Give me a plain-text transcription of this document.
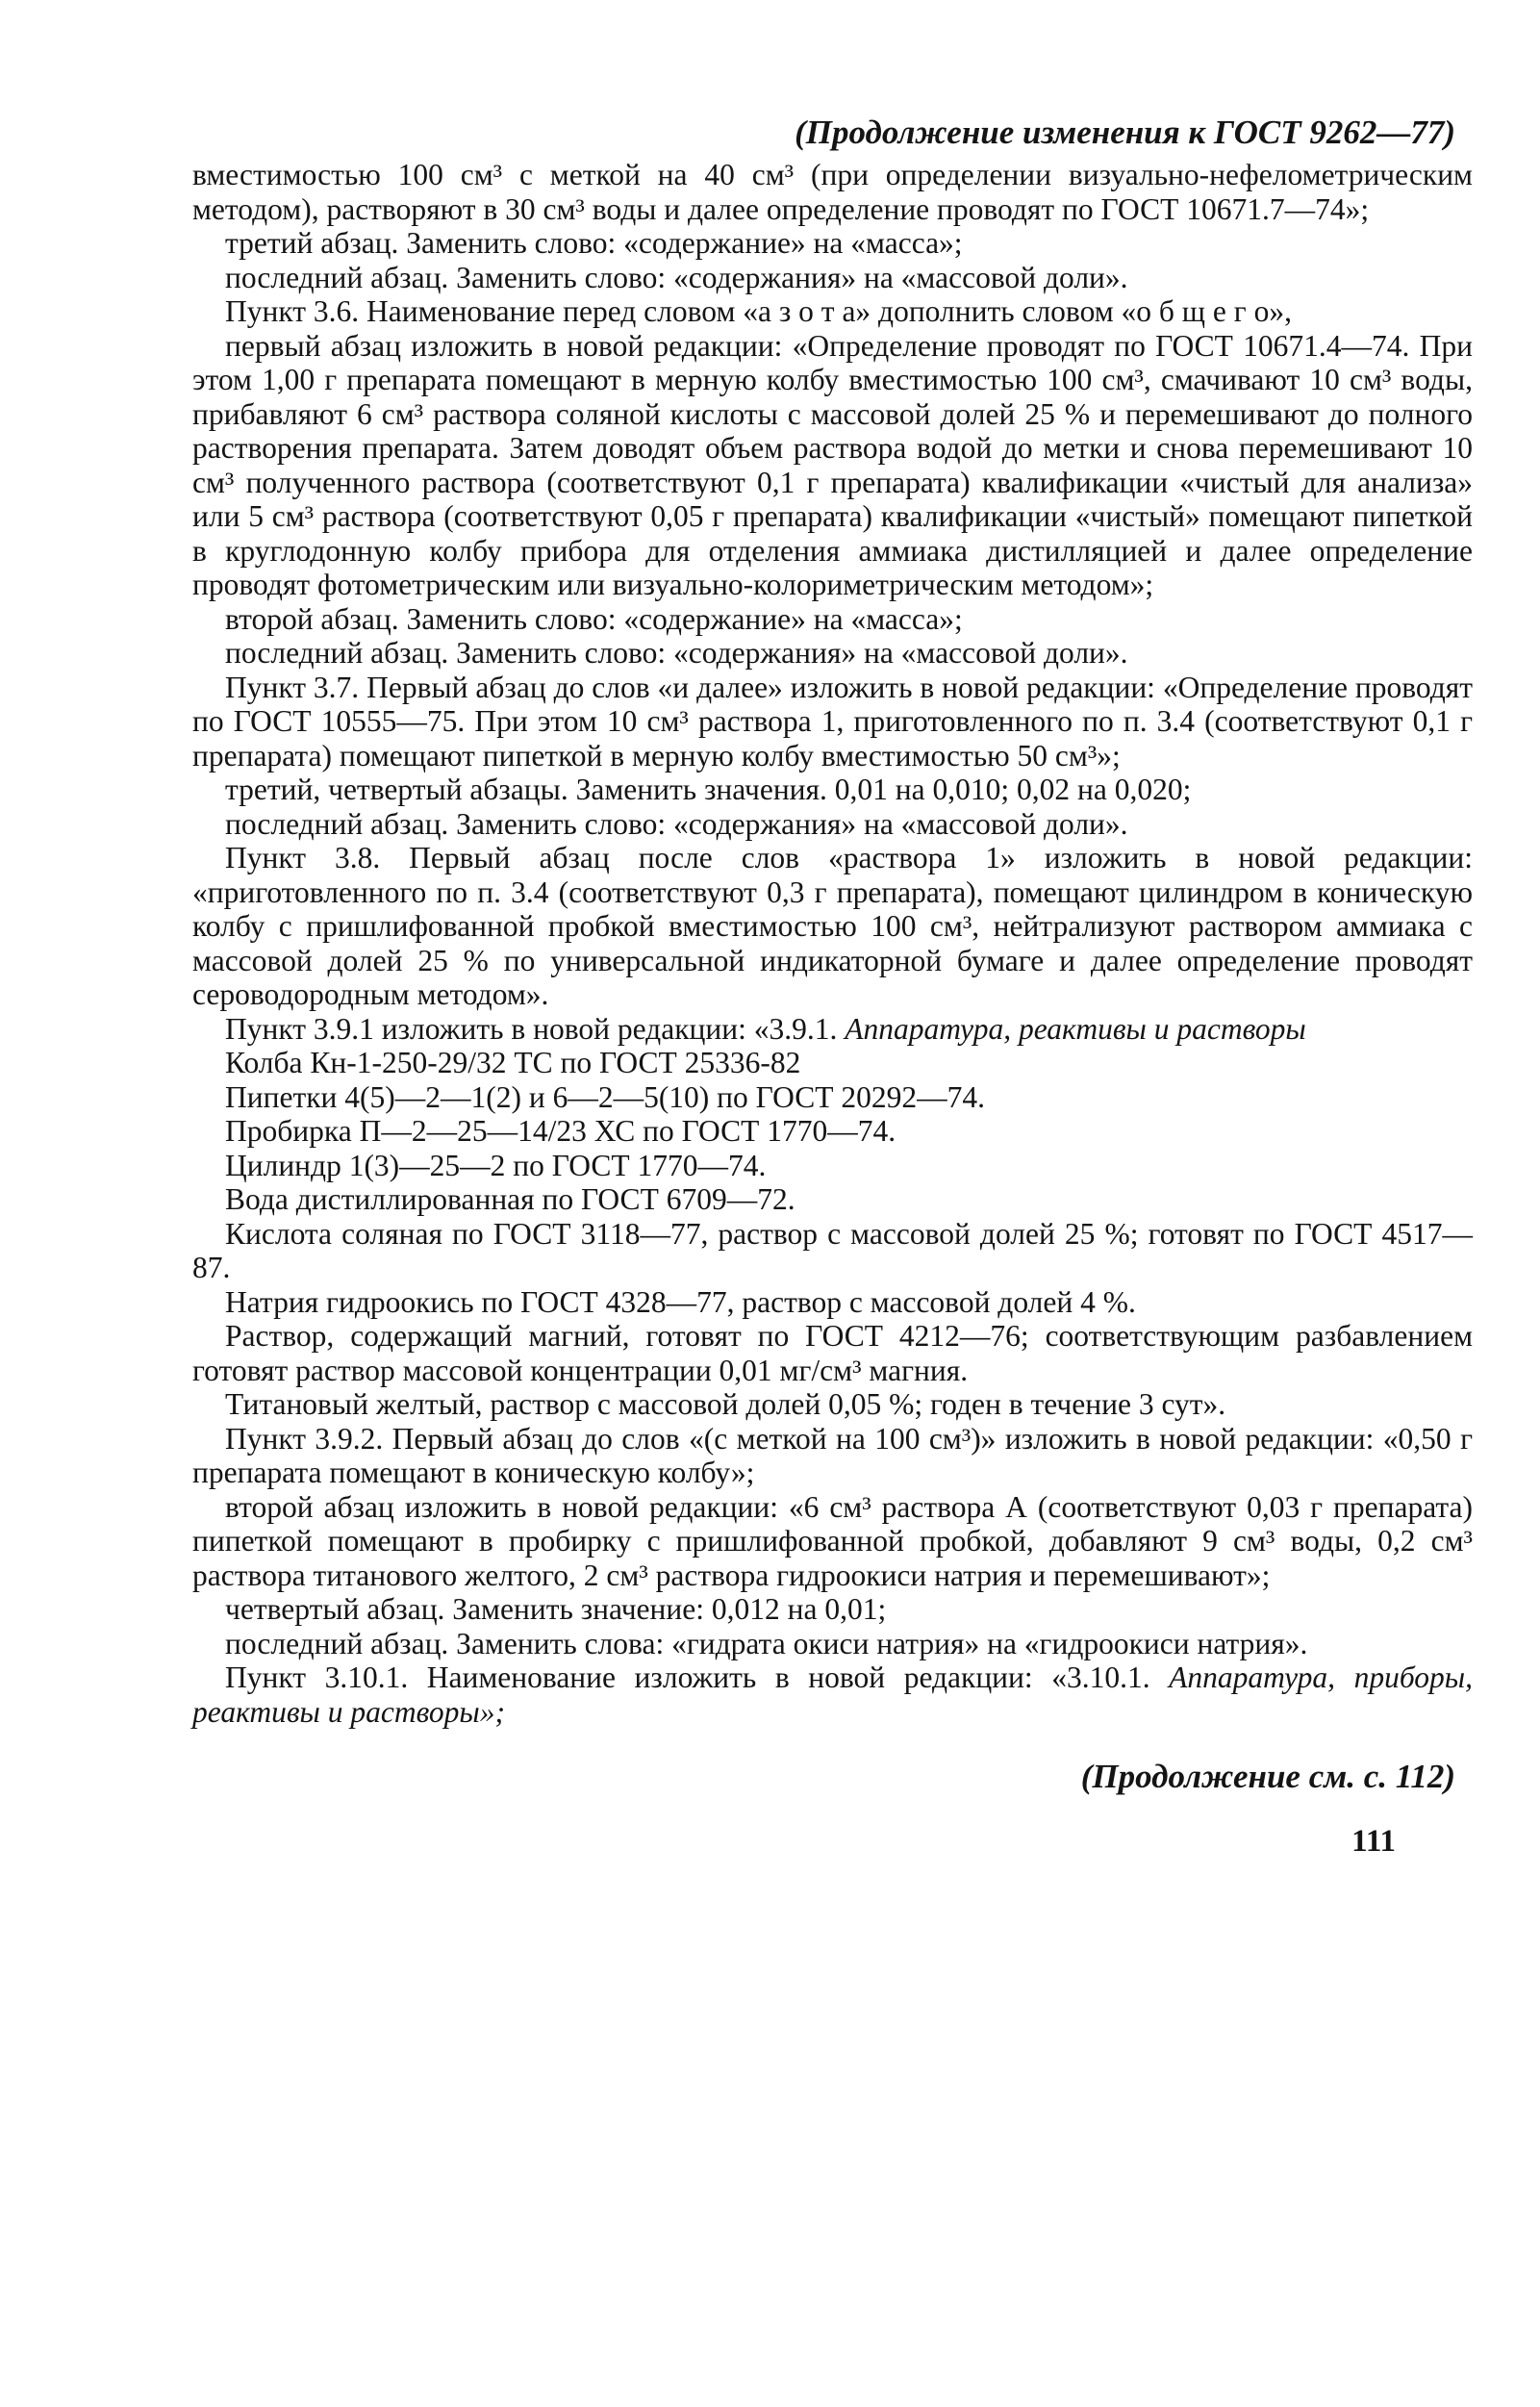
(Продолжение изменения к ГОСТ 9262—77)

вместимостью 100 см³ с меткой на 40 см³ (при определении визуально-нефелометрическим методом), растворяют в 30 см³ воды и далее определение проводят по ГОСТ 10671.7—74»;

третий абзац. Заменить слово: «содержание» на «масса»;

последний абзац. Заменить слово: «содержания» на «массовой доли».

Пункт 3.6. Наименование перед словом «а з о т а» дополнить словом «о б щ е г о»,

первый абзац изложить в новой редакции: «Определение проводят по ГОСТ 10671.4—74. При этом 1,00 г препарата помещают в мерную колбу вместимостью 100 см³, смачивают 10 см³ воды, прибавляют 6 см³ раствора соляной кислоты с массовой долей 25 % и перемешивают до полного растворения препарата. Затем доводят объем раствора водой до метки и снова перемешивают 10 см³ полученного раствора (соответствуют 0,1 г препарата) квалификации «чистый для анализа» или 5 см³ раствора (соответствуют 0,05 г препарата) квалификации «чистый» помещают пипеткой в круглодонную колбу прибора для отделения аммиака дистилляцией и далее определение проводят фотометрическим или визуально-колориметрическим методом»;

второй абзац. Заменить слово: «содержание» на «масса»;

последний абзац. Заменить слово: «содержания» на «массовой доли».

Пункт 3.7. Первый абзац до слов «и далее» изложить в новой редакции: «Определение проводят по ГОСТ 10555—75. При этом 10 см³ раствора 1, приготовленного по п. 3.4 (соответствуют 0,1 г препарата) помещают пипеткой в мерную колбу вместимостью 50 см³»;

третий, четвертый абзацы. Заменить значения. 0,01 на 0,010; 0,02 на 0,020;

последний абзац. Заменить слово: «содержания» на «массовой доли».

Пункт 3.8. Первый абзац после слов «раствора 1» изложить в новой редакции: «приготовленного по п. 3.4 (соответствуют 0,3 г препарата), помещают цилиндром в коническую колбу с пришлифованной пробкой вместимостью 100 см³, нейтрализуют раствором аммиака с массовой долей 25 % по универсальной индикаторной бумаге и далее определение проводят сероводородным методом».

Пункт 3.9.1 изложить в новой редакции: «3.9.1. Аппаратура, реактивы и растворы

Колба Кн-1-250-29/32 ТС по ГОСТ 25336-82

Пипетки 4(5)—2—1(2) и 6—2—5(10) по ГОСТ 20292—74.

Пробирка П—2—25—14/23 ХС по ГОСТ 1770—74.

Цилиндр 1(3)—25—2 по ГОСТ 1770—74.

Вода дистиллированная по ГОСТ 6709—72.

Кислота соляная по ГОСТ 3118—77, раствор с массовой долей 25 %; готовят по ГОСТ 4517—87.

Натрия гидроокись по ГОСТ 4328—77, раствор с массовой долей 4 %.

Раствор, содержащий магний, готовят по ГОСТ 4212—76; соответствующим разбавлением готовят раствор массовой концентрации 0,01 мг/см³ магния.

Титановый желтый, раствор с массовой долей 0,05 %; годен в течение 3 сут».

Пункт 3.9.2. Первый абзац до слов «(с меткой на 100 см³)» изложить в новой редакции: «0,50 г препарата помещают в коническую колбу»;

второй абзац изложить в новой редакции: «6 см³ раствора А (соответствуют 0,03 г препарата) пипеткой помещают в пробирку с пришлифованной пробкой, добавляют 9 см³ воды, 0,2 см³ раствора титанового желтого, 2 см³ раствора гидроокиси натрия и перемешивают»;

четвертый абзац. Заменить значение: 0,012 на 0,01;

последний абзац. Заменить слова: «гидрата окиси натрия» на «гидроокиси натрия».

Пункт 3.10.1. Наименование изложить в новой редакции: «3.10.1. Аппаратура, приборы, реактивы и растворы»;

(Продолжение см. с. 112)
111
